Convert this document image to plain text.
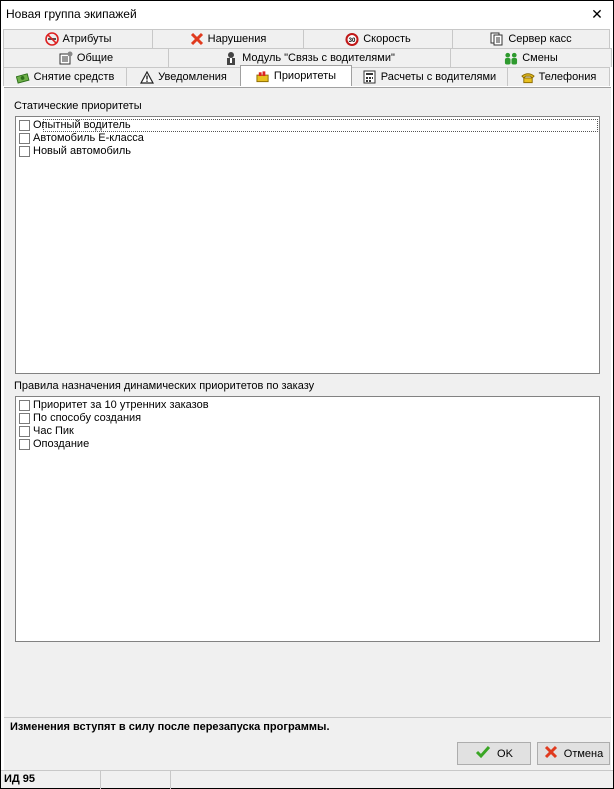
Новая группа экипажей	✕
Атрибуты	Нарушения	30 Скорость	Сервер касс
Общие	Модуль "Связь с водителями"	Смены
Снятие средств	Уведомления	Приоритеты	Расчеты с водителями	Телефония
Статические приоритеты
Опытный водитель
Автомобиль Е-класса
Новый автомобиль
Правила назначения динамических приоритетов по заказу
Приоритет за 10 утренних заказов
По способу создания
Час Пик
Опоздание
Изменения вступят в силу после перезапуска программы.
OK	Отмена
ИД 95
